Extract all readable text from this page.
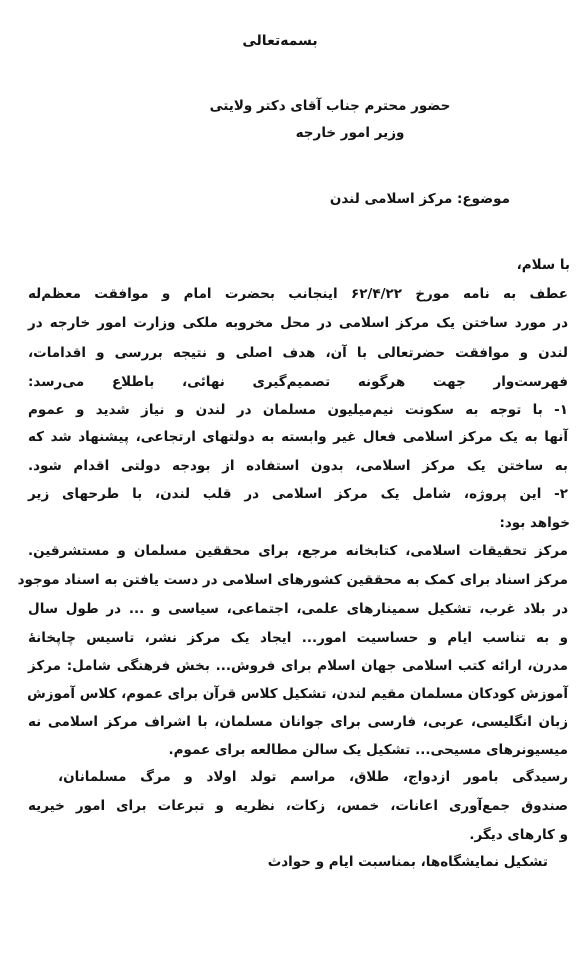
بسمه‌تعالی
حضور محترم جناب آقای دکتر ولایتی
وزیر امور خارجه
موضوع: مرکز اسلامی لندن
با سلام،
عطف به نامه مورخ ۶۲/۴/۲۲ اینجانب بحضرت امام و موافقت معظم‌له
در مورد ساختن یک مرکز اسلامی در محل مخروبه ملکی وزارت امور خارجه در
لندن و موافقت حضرتعالی با آن، هدف اصلی و نتیجه بررسی و اقدامات،
فهرست‌وار جهت هرگونه تصمیم‌گیری نهائی، باطلاع می‌رسد:
۱- با توجه به سکونت نیم‌میلیون مسلمان در لندن و نیاز شدید و عموم
آنها به یک مرکز اسلامی فعال غیر وابسته به دولتهای ارتجاعی، پیشنهاد شد که
به ساختن یک مرکز اسلامی، بدون استفاده از بودجه دولتی اقدام شود.
۲- این پروژه، شامل یک مرکز اسلامی در قلب لندن، با طرحهای زیر
خواهد بود:
مرکز تحقیقات اسلامی، کتابخانه مرجع، برای محققین مسلمان و مستشرقین.
مرکز اسناد برای کمک به محققین کشورهای اسلامی در دست یافتن به اسناد موجود
در بلاد غرب، تشکیل سمینارهای علمی، اجتماعی، سیاسی و ... در طول سال
و به تناسب ایام و حساسیت امور... ایجاد یک مرکز نشر، تاسیس چاپخانهٔ
مدرن، ارائه کتب اسلامی جهان اسلام برای فروش... بخش فرهنگی شامل: مرکز
آموزش کودکان مسلمان مقیم لندن، تشکیل کلاس قرآن برای عموم، کلاس آموزش
زبان انگلیسی، عربی، فارسی برای جوانان مسلمان، با اشراف مرکز اسلامی نه
میسیونرهای مسیحی... تشکیل یک سالن مطالعه برای عموم.
رسیدگی بامور ازدواج، طلاق، مراسم تولد اولاد و مرگ مسلمانان،
صندوق جمع‌آوری اعانات، خمس، زکات، نظریه و تبرعات برای امور خیریه
و کارهای دیگر.
تشکیل نمایشگاه‌ها، بمناسبت ایام و حوادث
